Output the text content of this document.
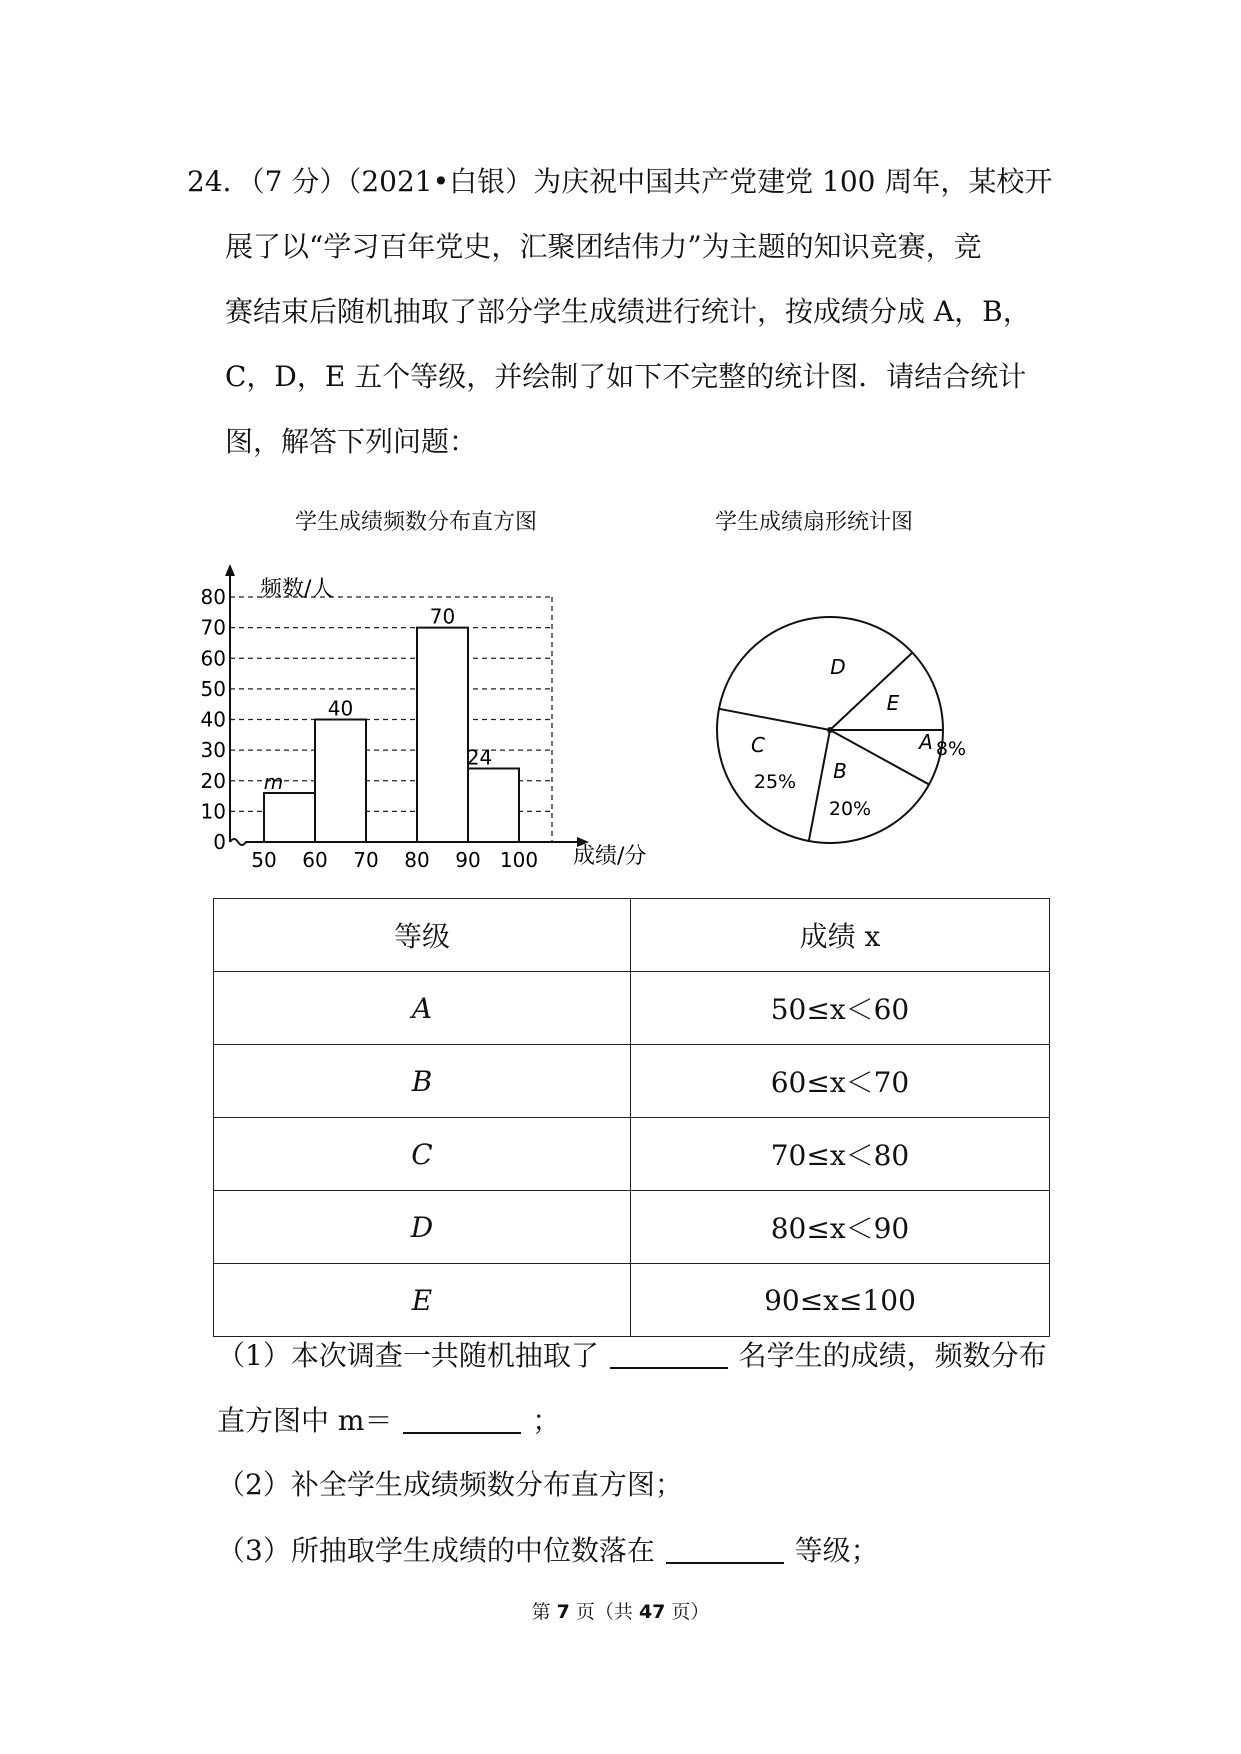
24．（7 分）（2021•白银）为庆祝中国共产党建党 100 周年，某校开
展了以“学习百年党史，汇聚团结伟力”为主题的知识竞赛，竞
赛结束后随机抽取了部分学生成绩进行统计，按成绩分成 A，B，
C，D，E 五个等级，并绘制了如下不完整的统计图．请结合统计
图，解答下列问题：
学生成绩频数分布直方图	学生成绩扇形统计图
m
40
70
24
0
10
20
30
40
50
60
70
80
50 60 70 80 90 100
频数/人
成绩/分
A 8%
B
20%
C
25%
D
E
等级	成绩 x
A	50≤x＜60
B	60≤x＜70
C	70≤x＜80
D	80≤x＜90
E	90≤x≤100
（1）本次调查一共随机抽取了	名学生的成绩，频数分布
直方图中 m＝	；
（2）补全学生成绩频数分布直方图；
（3）所抽取学生成绩的中位数落在	等级；
第 7 页（共 47 页）
